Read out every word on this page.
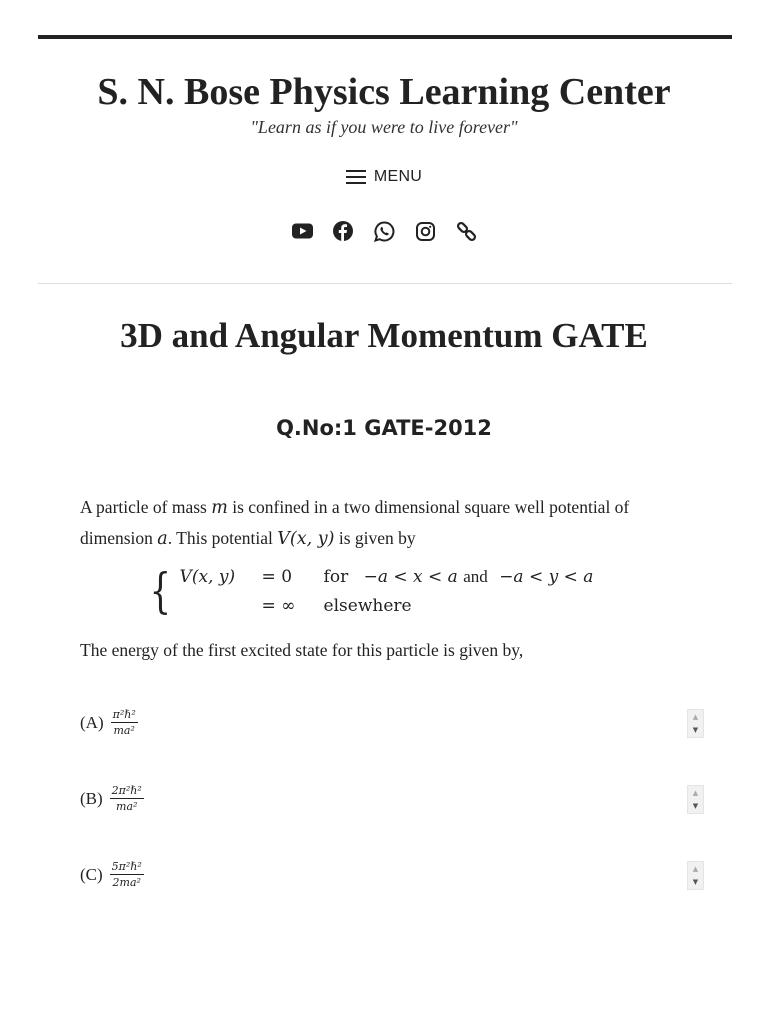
S. N. Bose Physics Learning Center
"Learn as if you were to live forever"
MENU
3D and Angular Momentum GATE
Q.No:1 GATE-2012

A particle of mass m is confined in a two dimensional square well potential of dimension a. This potential V(x, y) is given by

{ V(x, y)	= 0	for −a < x < a and −a < y < a
= ∞	elsewhere

The energy of the first excited state for this particle is given by,

$(A) \frac{\text{π²ℏ²}}{\text{ma²}}$	▲
▼
$(B) \frac{\text{2π²ℏ²}}{\text{ma²}}$	▲
▼
$(C) \frac{\text{5π²ℏ²}}{\text{2ma²}}$	▲
▼
